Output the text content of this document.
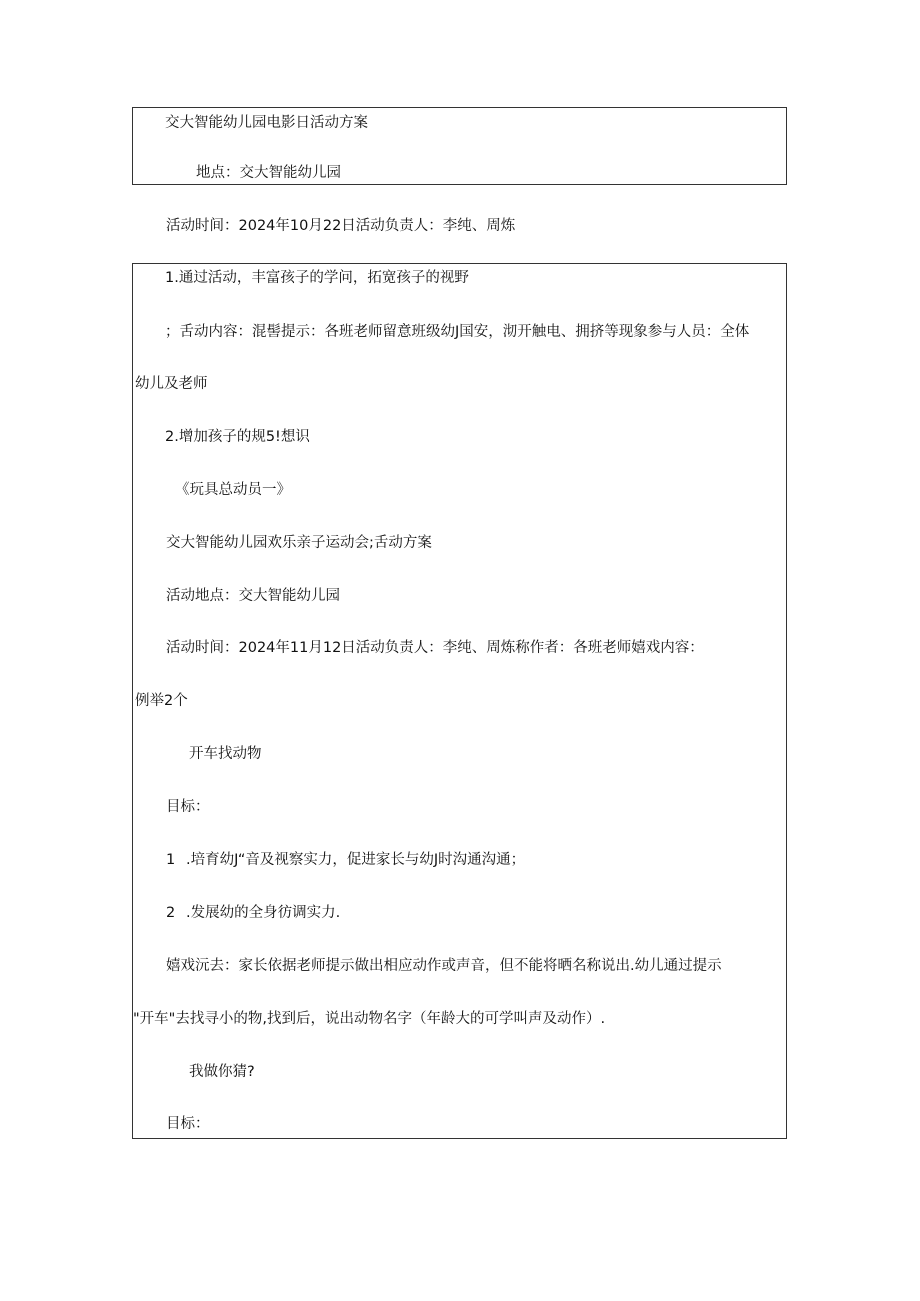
交大智能幼儿园电影日活动方案
地点：交大智能幼儿园
活动时间：2024年10月22日活动负责人：李纯、周炼
1.通过活动，丰富孩子的学问，拓宽孩子的视野
；舌动内容：混髻提示：各班老师留意班级幼J国安，沏开触电、拥挤等现象参与人员：全体
幼儿及老师
2.增加孩子的规5!想识
《玩具总动员一》
交大智能幼儿园欢乐亲子运动会;舌动方案
活动地点：交大智能幼儿园
活动时间：2024年11月12日活动负责人：李纯、周炼称作者：各班老师嬉戏内容：
例举2个
开车找动物
目标：
1 .培育幼J“音及视察实力，促进家长与幼J时沟通沟通；
2 .发展幼的全身彷调实力.
嬉戏沅去：家长依据老师提示做出相应动作或声音，但不能将晒名称说出.幼儿通过提示
"开车"去找寻小的物,找到后，说出动物名字（年龄大的可学叫声及动作）.
我做你猜?
目标：
